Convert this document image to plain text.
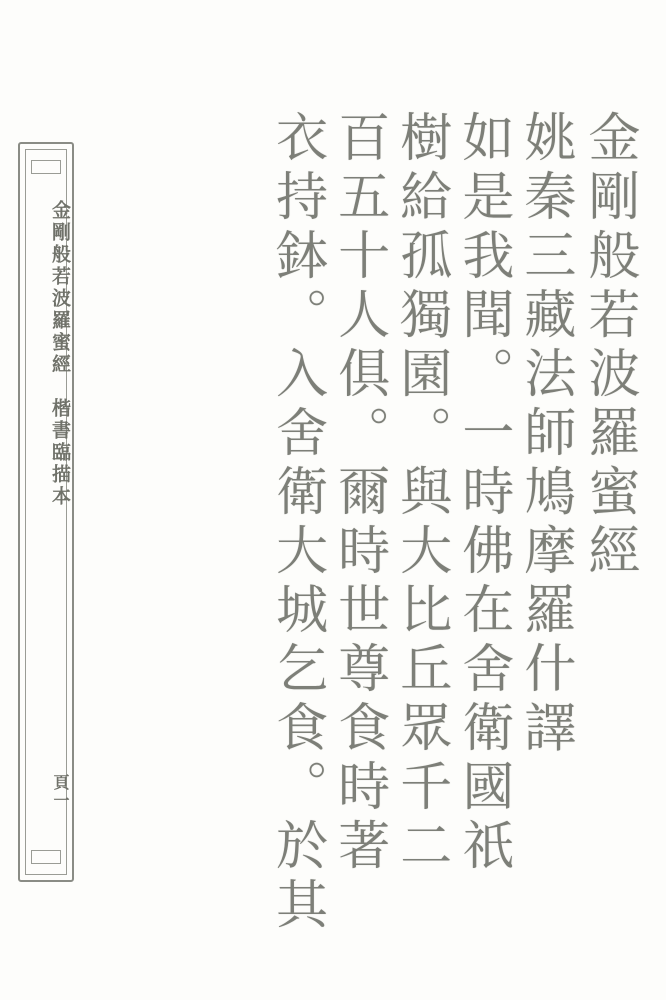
金剛般若波羅蜜經　楷書臨描本
頁一
金剛般若波羅蜜經
姚秦三藏法師鳩摩羅什譯
如是我聞。一時佛在舍衛國祇
樹給孤獨園。與大比丘眾千二
百五十人俱。爾時世尊食時著
衣持鉢。入舍衛大城乞食。於其
